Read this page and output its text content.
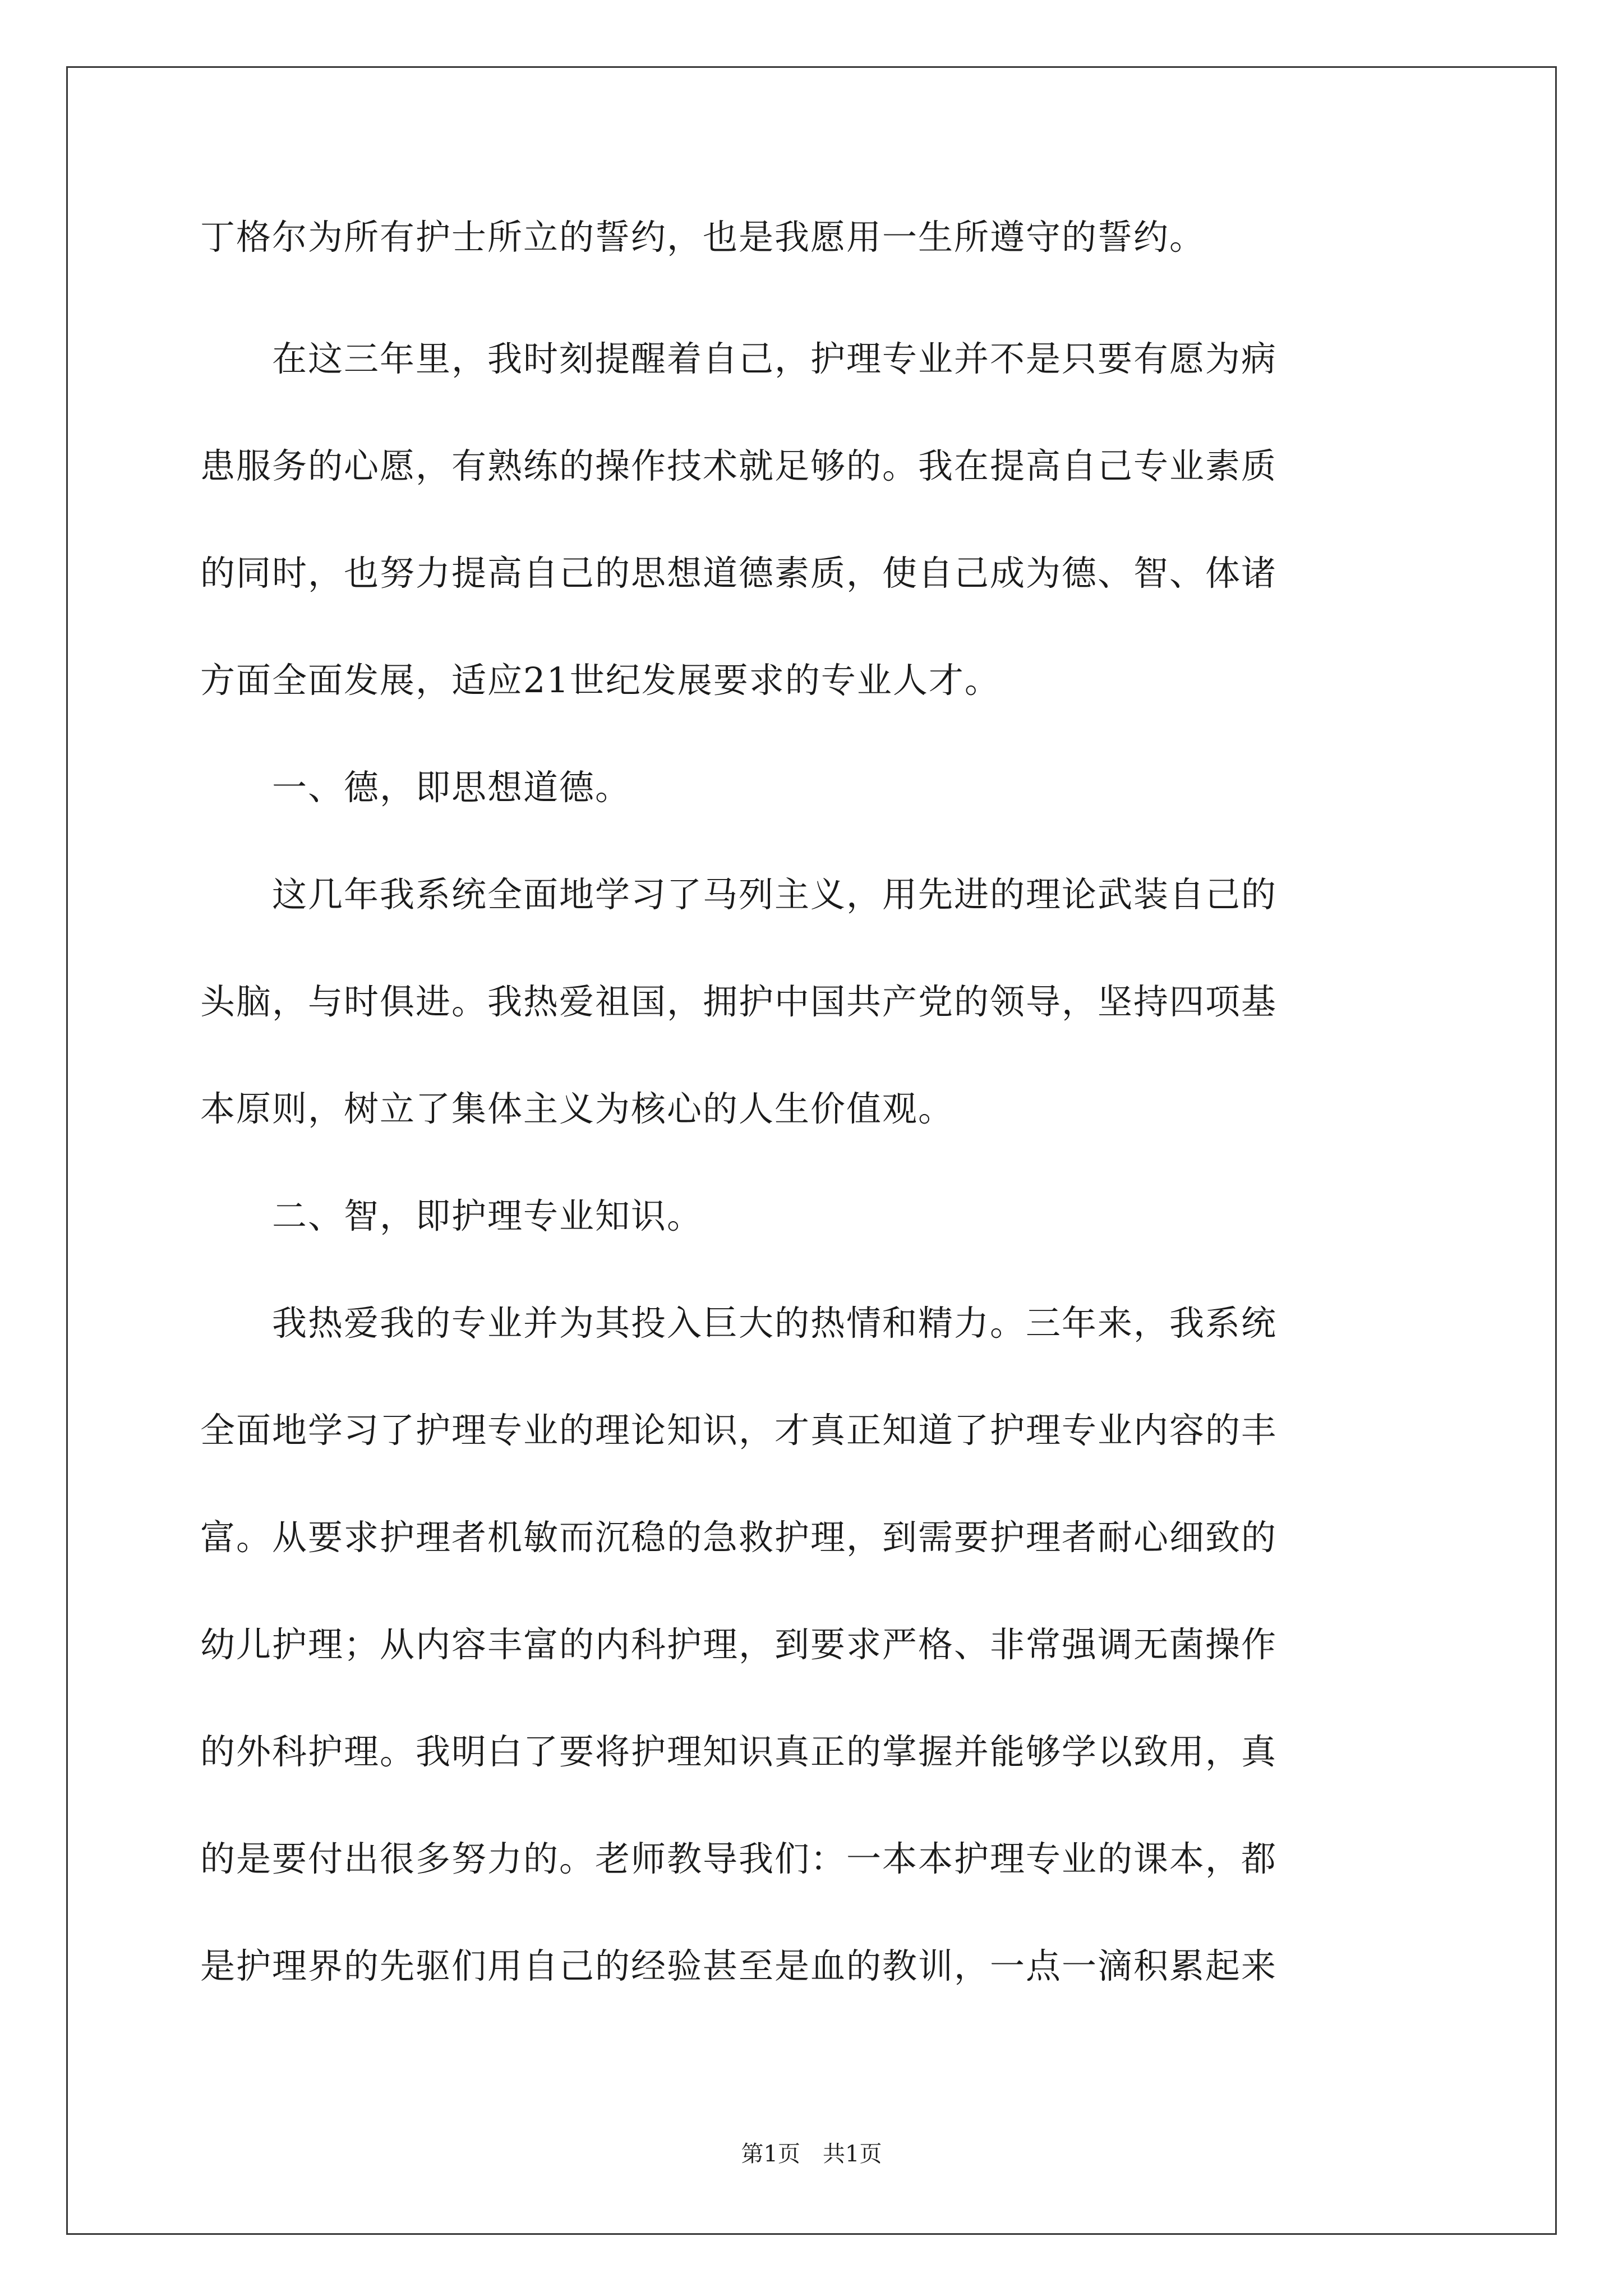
丁格尔为所有护士所立的誓约，也是我愿用一生所遵守的誓约。
　　在这三年里，我时刻提醒着自己，护理专业并不是只要有愿为病
患服务的心愿，有熟练的操作技术就足够的。我在提高自己专业素质
的同时，也努力提高自己的思想道德素质，使自己成为德、智、体诸
方面全面发展，适应21世纪发展要求的专业人才。
　　一、德，即思想道德。
　　这几年我系统全面地学习了马列主义，用先进的理论武装自己的
头脑，与时俱进。我热爱祖国，拥护中国共产党的领导，坚持四项基
本原则，树立了集体主义为核心的人生价值观。
　　二、智，即护理专业知识。
　　我热爱我的专业并为其投入巨大的热情和精力。三年来，我系统
全面地学习了护理专业的理论知识，才真正知道了护理专业内容的丰
富。从要求护理者机敏而沉稳的急救护理，到需要护理者耐心细致的
幼儿护理；从内容丰富的内科护理，到要求严格、非常强调无菌操作
的外科护理。我明白了要将护理知识真正的掌握并能够学以致用，真
的是要付出很多努力的。老师教导我们：一本本护理专业的课本，都
是护理界的先驱们用自己的经验甚至是血的教训，一点一滴积累起来
第1页　共1页
